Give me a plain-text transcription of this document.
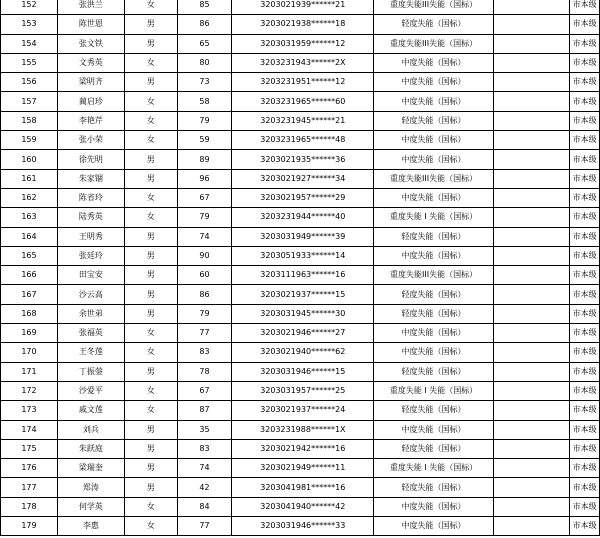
152	张洪兰	女	85	3203021939******21	重度失能III失能（国标）		市本级
153	陈世恩	男	86	3203021938******18	轻度失能（国标）		市本级
154	张文铁	男	65	3203031959******12	重度失能III失能（国标）		市本级
155	文秀英	女	80	3203231943******2X	中度失能（国标）		市本级
156	梁明齐	男	73	3203231951******12	中度失能（国标）		市本级
157	蔺启珍	女	58	3203231965******60	中度失能（国标）		市本级
158	李艳芹	女	79	3203231945******21	轻度失能（国标）		市本级
159	张小荣	女	59	3203231965******48	中度失能（国标）		市本级
160	徐先明	男	89	3203021935******36	中度失能（国标）		市本级
161	朱家锢	男	96	3203021927******34	重度失能III失能（国标）		市本级
162	陈省玲	女	67	3203021957******29	中度失能（国标）		市本级
163	陆秀英	女	79	3203231944******40	重度失能 I 失能（国标）		市本级
164	王明秀	男	74	3203031949******39	轻度失能（国标）		市本级
165	张廷玲	男	90	3203051933******14	中度失能（国标）		市本级
166	田宝安	男	60	3203111963******16	重度失能III失能（国标）		市本级
167	沙云高	男	86	3203021937******15	轻度失能（国标）		市本级
168	余世弟	男	79	3203031945******30	轻度失能（国标）		市本级
169	张福英	女	77	3203021946******27	中度失能（国标）		市本级
170	王冬莲	女	83	3203021940******62	中度失能（国标）		市本级
171	丁振蓥	男	78	3203031946******15	轻度失能（国标）		市本级
172	沙爱平	女	67	3203031957******25	重度失能 I 失能（国标）		市本级
173	戚文莲	女	87	3203021937******24	轻度失能（国标）		市本级
174	刘兵	男	35	3203231988******1X	中度失能（国标）		市本级
175	朱跃庭	男	83	3203021942******16	轻度失能（国标）		市本级
176	梁瑞奎	男	74	3203021949******11	重度失能 I 失能（国标）		市本级
177	郑涛	男	42	3203041981******16	轻度失能（国标）		市本级
178	何学英	女	84	3203041940******42	中度失能（国标）		市本级
179	李惠	女	77	3203031946******33	中度失能（国标）		市本级
